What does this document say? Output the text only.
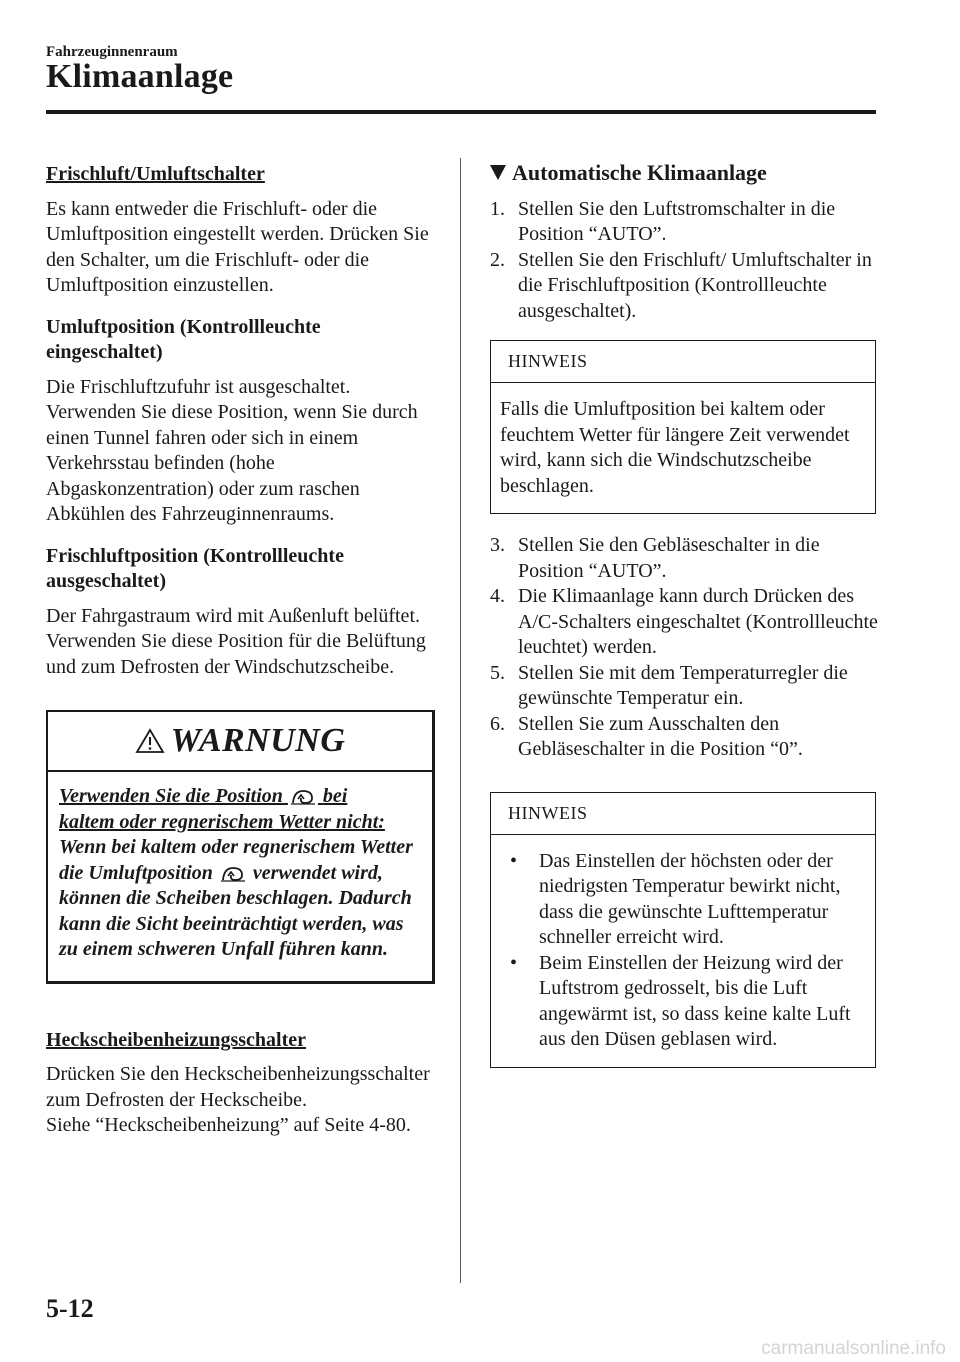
Fahrzeuginnenraum
Klimaanlage
Frischluft/Umluftschalter

Es kann entweder die Frischluft- oder die Umluftposition eingestellt werden. Drücken Sie den Schalter, um die Frischluft- oder die Umluftposition einzustellen.

Umluftposition (Kontrollleuchte eingeschaltet)

Die Frischluftzufuhr ist ausgeschaltet. Verwenden Sie diese Position, wenn Sie durch einen Tunnel fahren oder sich in einem Verkehrsstau befinden (hohe Abgaskonzentration) oder zum raschen Abkühlen des Fahrzeuginnenraums.

Frischluftposition (Kontrollleuchte ausgeschaltet)

Der Fahrgastraum wird mit Außenluft belüftet. Verwenden Sie diese Position für die Belüftung und zum Defrosten der Windschutzscheibe.

WARNUNG
Verwenden Sie die Position bei
kaltem oder regnerischem Wetter nicht:
Wenn bei kaltem oder regnerischem Wetter die Umluftposition verwendet wird, können die Scheiben beschlagen. Dadurch kann die Sicht beeinträchtigt werden, was zu einem schweren Unfall führen kann.
Heckscheibenheizungsschalter
Drücken Sie den Heckscheibenheizungsschalter zum Defrosten der Heckscheibe.
Siehe “Heckscheibenheizung” auf Seite 4-80.
Automatische Klimaanlage
1. Stellen Sie den Luftstromschalter in die Position “AUTO”.
2. Stellen Sie den Frischluft/ Umluftschalter in die Frischluftposition (Kontrollleuchte ausgeschaltet).
HINWEIS
Falls die Umluftposition bei kaltem oder feuchtem Wetter für längere Zeit verwendet wird, kann sich die Windschutzscheibe beschlagen.
3. Stellen Sie den Gebläseschalter in die Position “AUTO”.
4. Die Klimaanlage kann durch Drücken des A/C-Schalters eingeschaltet (Kontrollleuchte leuchtet) werden.
5. Stellen Sie mit dem Temperaturregler die gewünschte Temperatur ein.
6. Stellen Sie zum Ausschalten den Gebläseschalter in die Position “0”.
HINWEIS
•	Das Einstellen der höchsten oder der niedrigsten Temperatur bewirkt nicht, dass die gewünschte Lufttemperatur schneller erreicht wird.
•	Beim Einstellen der Heizung wird der Luftstrom gedrosselt, bis die Luft angewärmt ist, so dass keine kalte Luft aus den Düsen geblasen wird.
5-12
carmanualsonline.info
